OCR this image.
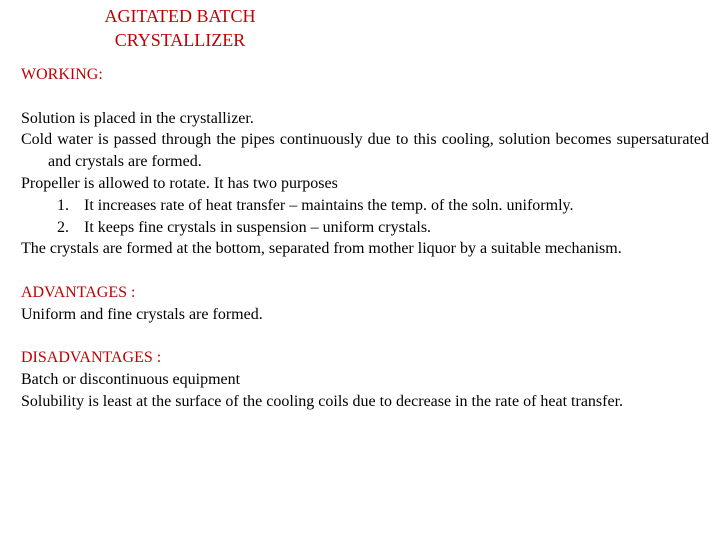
AGITATED BATCH
CRYSTALLIZER
WORKING:
Solution is placed in the crystallizer.
Cold water is passed through the pipes continuously due to this cooling, solution becomes supersaturated and crystals are formed.
Propeller is allowed to rotate. It has two purposes
1. It increases rate of heat transfer – maintains the temp. of the soln. uniformly.
2. It keeps fine crystals in suspension – uniform crystals.
The crystals are formed at the bottom, separated from mother liquor by a suitable mechanism.
ADVANTAGES :
Uniform and fine crystals are formed.
DISADVANTAGES :
Batch or discontinuous equipment
Solubility is least at the surface of the cooling coils due to decrease in the rate of heat transfer.
